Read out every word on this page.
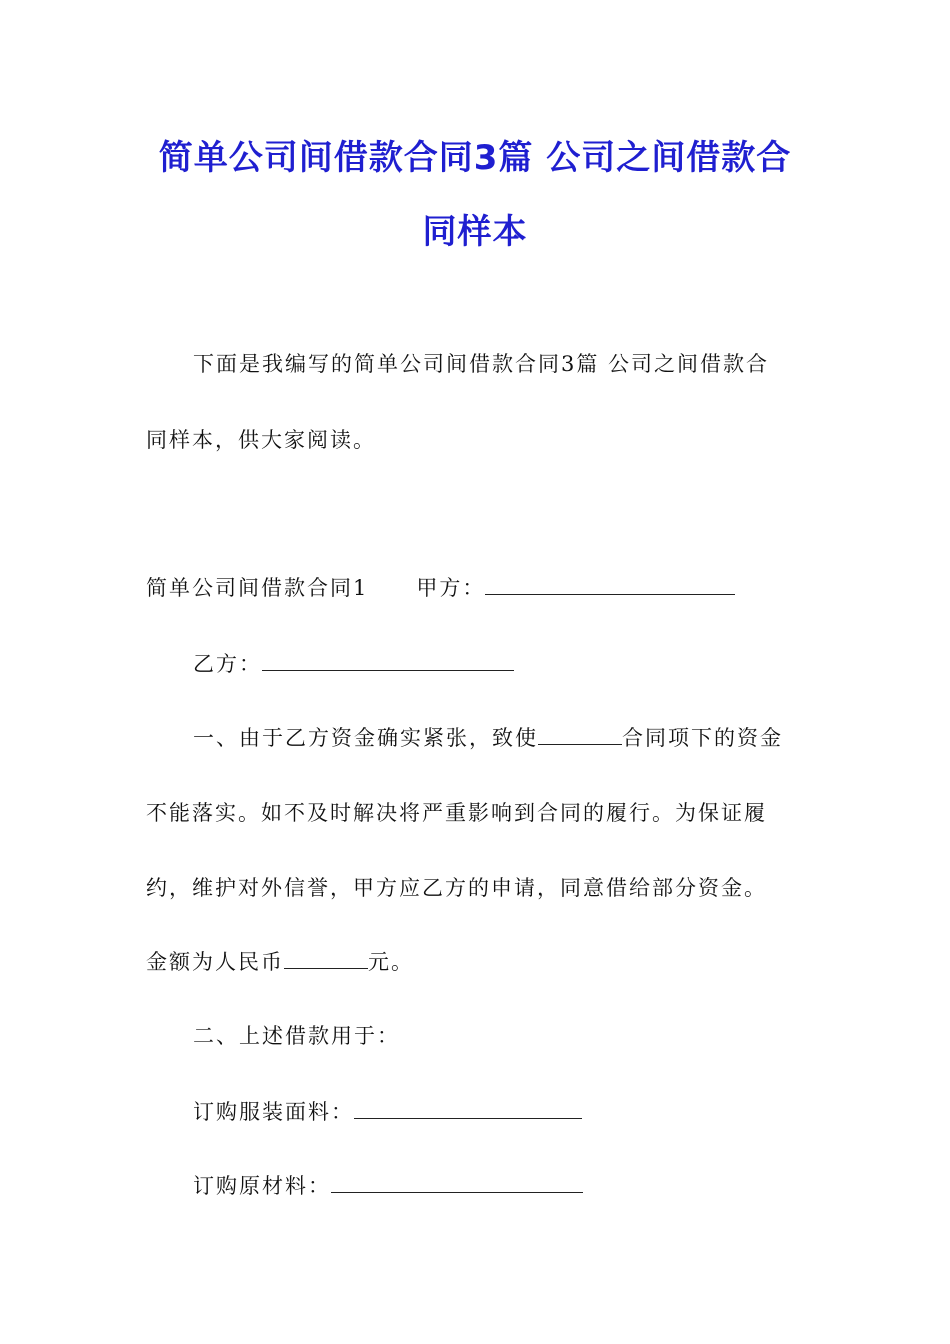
简单公司间借款合同3篇 公司之间借款合
同样本
下面是我编写的简单公司间借款合同3篇 公司之间借款合
同样本，供大家阅读。
简单公司间借款合同1 甲方：
乙方：
一、由于乙方资金确实紧张，致使	合同项下的资金
不能落实。如不及时解决将严重影响到合同的履行。为保证履
约，维护对外信誉，甲方应乙方的申请，同意借给部分资金。
金额为人民币	元。
二、上述借款用于：
订购服装面料：
订购原材料：
